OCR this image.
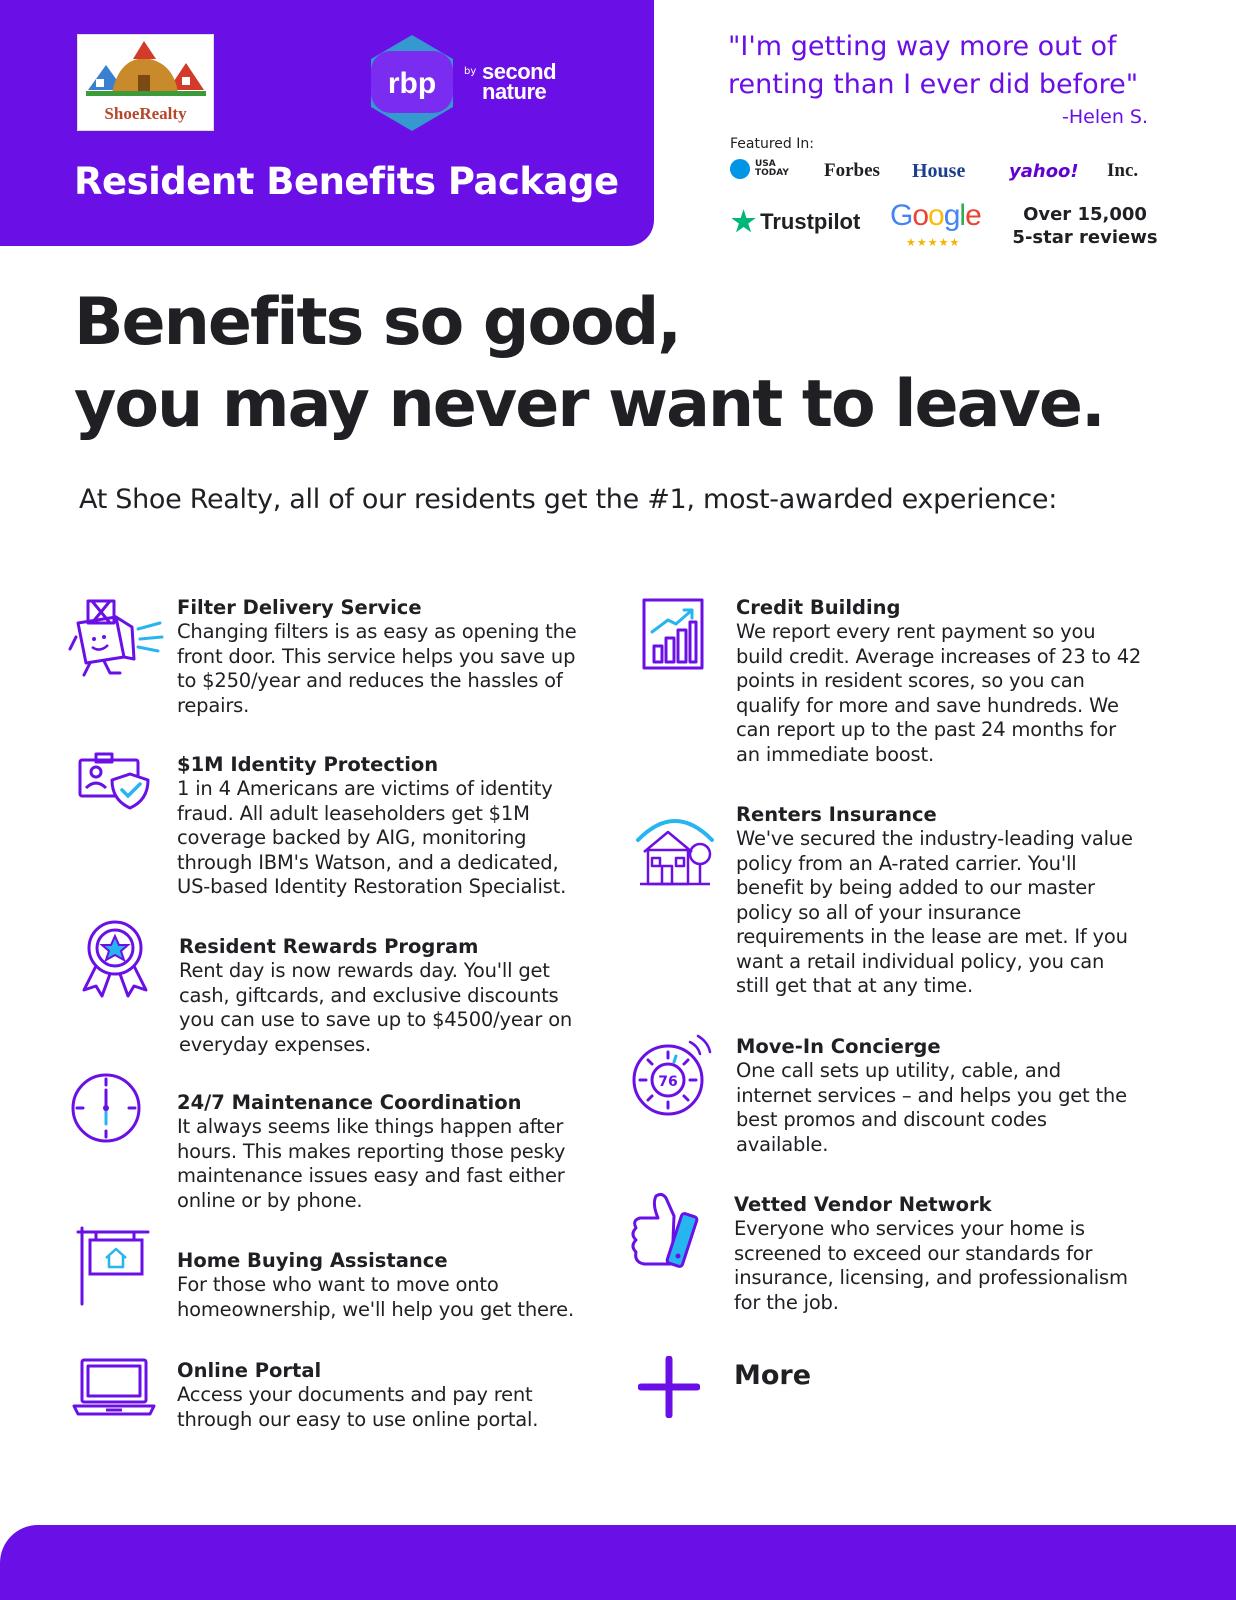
ShoeRealty
rbp	by second nature
Resident Benefits Package
"I'm getting way more out of renting than I ever did before"
-Helen S.
Featured In:
USA TODAY Forbes House yahoo! Inc.
★ Trustpilot Google
★★★★★
Over 15,000
5-star reviews
Benefits so good,
you may never want to leave.
At Shoe Realty, all of our residents get the #1, most-awarded experience:
76
Filter Delivery Service
Changing filters is as easy as opening the
front door. This service helps you save up
to $250/year and reduces the hassles of
repairs.
$1M Identity Protection
1 in 4 Americans are victims of identity
fraud. All adult leaseholders get $1M
coverage backed by AIG, monitoring
through IBM's Watson, and a dedicated,
US-based Identity Restoration Specialist.
Resident Rewards Program
Rent day is now rewards day. You'll get
cash, giftcards, and exclusive discounts
you can use to save up to $4500/year on
everyday expenses.
24/7 Maintenance Coordination
It always seems like things happen after
hours. This makes reporting those pesky
maintenance issues easy and fast either
online or by phone.
Home Buying Assistance
For those who want to move onto
homeownership, we'll help you get there.
Online Portal
Access your documents and pay rent
through our easy to use online portal.
Credit Building
We report every rent payment so you
build credit. Average increases of 23 to 42
points in resident scores, so you can
qualify for more and save hundreds. We
can report up to the past 24 months for
an immediate boost.
Renters Insurance
We've secured the industry-leading value
policy from an A-rated carrier. You'll
benefit by being added to our master
policy so all of your insurance
requirements in the lease are met. If you
want a retail individual policy, you can
still get that at any time.
Move-In Concierge
One call sets up utility, cable, and
internet services – and helps you get the
best promos and discount codes
available.
Vetted Vendor Network
Everyone who services your home is
screened to exceed our standards for
insurance, licensing, and professionalism
for the job.
More
